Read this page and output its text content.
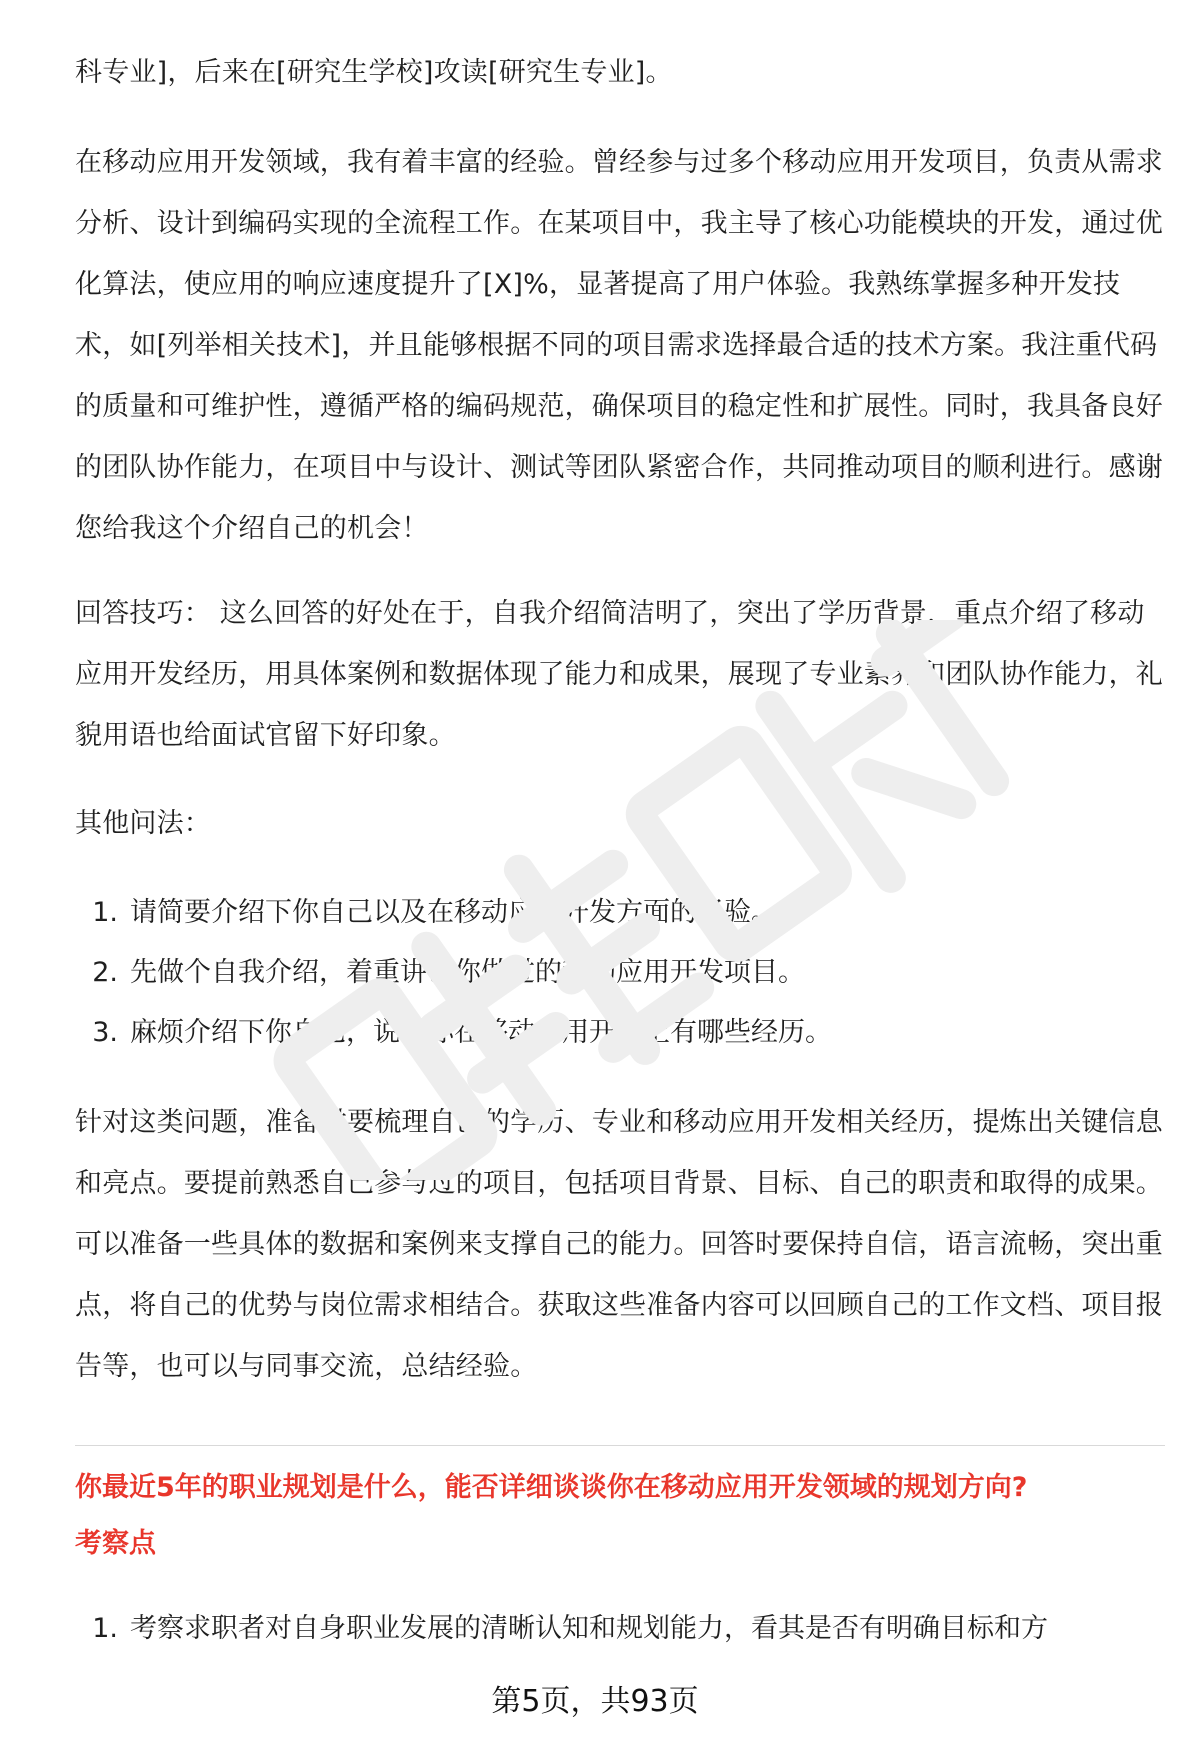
科专业]，后来在[研究生学校]攻读[研究生专业]。

在移动应用开发领域，我有着丰富的经验。曾经参与过多个移动应用开发项目，负责从需求分析、设计到编码实现的全流程工作。在某项目中，我主导了核心功能模块的开发，通过优化算法，使应用的响应速度提升了[X]%，显著提高了用户体验。我熟练掌握多种开发技术，如[列举相关技术]，并且能够根据不同的项目需求选择最合适的技术方案。我注重代码的质量和可维护性，遵循严格的编码规范，确保项目的稳定性和扩展性。同时，我具备良好的团队协作能力，在项目中与设计、测试等团队紧密合作，共同推动项目的顺利进行。感谢您给我这个介绍自己的机会！

回答技巧： 这么回答的好处在于，自我介绍简洁明了，突出了学历背景，重点介绍了移动应用开发经历，用具体案例和数据体现了能力和成果，展现了专业素养和团队协作能力，礼貌用语也给面试官留下好印象。

其他问法：

1. 请简要介绍下你自己以及在移动应用开发方面的经验。
2. 先做个自我介绍，着重讲讲你做过的移动应用开发项目。
3. 麻烦介绍下你自己，说说你在移动应用开发上有哪些经历。

针对这类问题，准备时要梳理自己的学历、专业和移动应用开发相关经历，提炼出关键信息和亮点。要提前熟悉自己参与过的项目，包括项目背景、目标、自己的职责和取得的成果。可以准备一些具体的数据和案例来支撑自己的能力。回答时要保持自信，语言流畅，突出重点，将自己的优势与岗位需求相结合。获取这些准备内容可以回顾自己的工作文档、项目报告等，也可以与同事交流，总结经验。

你最近5年的职业规划是什么，能否详细谈谈你在移动应用开发领域的规划方向?

考察点

1. 考察求职者对自身职业发展的清晰认知和规划能力，看其是否有明确目标和方
第5页，共93页
